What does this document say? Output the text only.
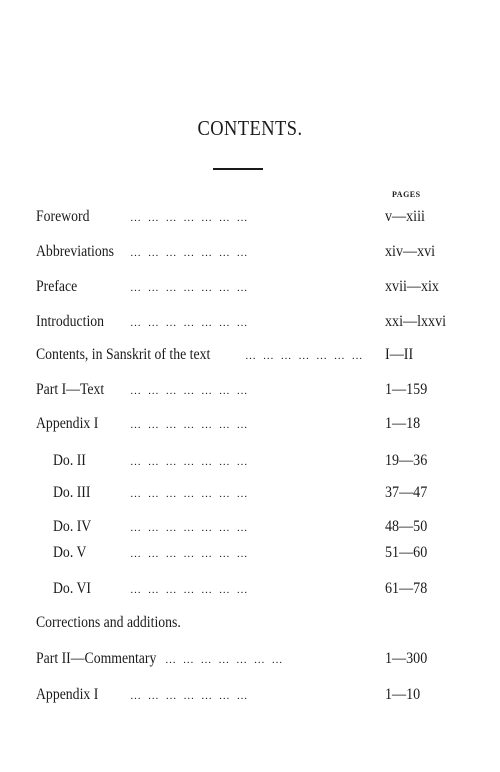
CONTENTS.
PAGES
Foreword	… … … … … … …	v—xiii
Abbreviations … … … … … … …	xiv—xvi
Preface	… … … … … … …	xvii—xix
Introduction … … … … … … …	xxi—lxxvi
Contents, in Sanskrit of the text	… … … … … … …	I—II
Part I—Text … … … … … … …	1—159
Appendix I	… … … … … … …	1—18
Do. II	… … … … … … …	19—36
Do. III	… … … … … … …	37—47
Do. IV	… … … … … … …	48—50
Do. V	… … … … … … …	51—60
Do. VI	… … … … … … …	61—78
Corrections and additions.
Part II—Commentary … … … … … … …	1—300
Appendix I	… … … … … … …	1—10
